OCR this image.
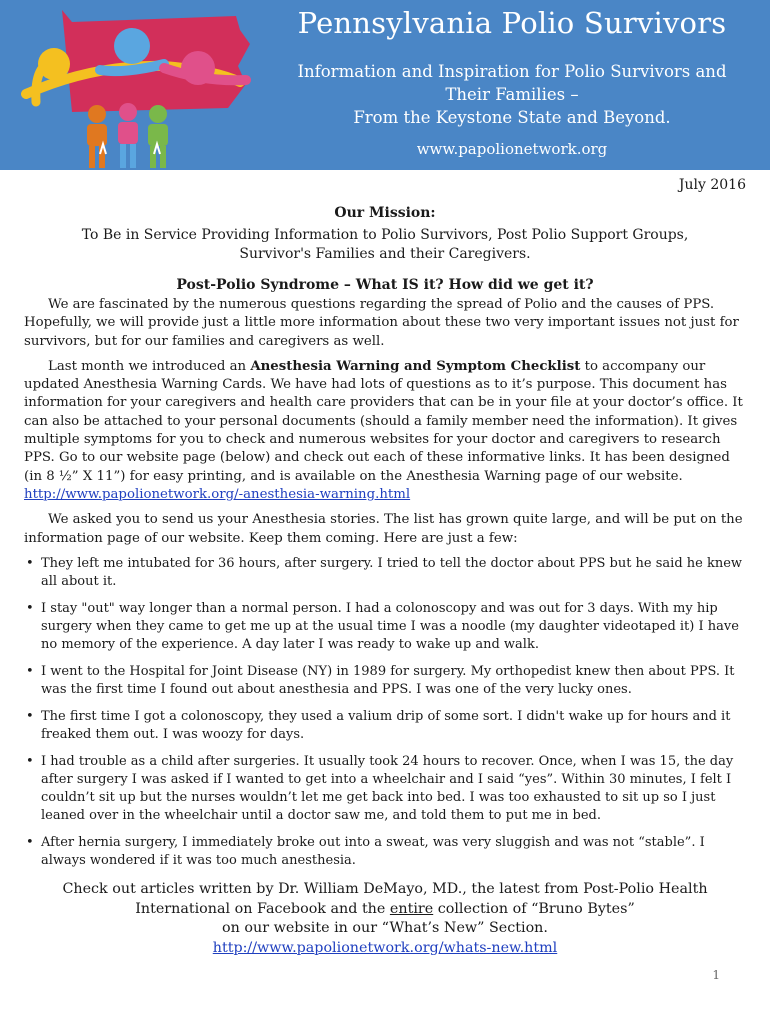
Pennsylvania Polio Survivors
Information and Inspiration for Polio Survivors and
Their Families –
From the Keystone State and Beyond.
www.papolionetwork.org
July 2016
Our Mission:
To Be in Service Providing Information to Polio Survivors, Post Polio Support Groups,
Survivor's Families and their Caregivers.
Post-Polio Syndrome – What IS it? How did we get it?

We are fascinated by the numerous questions regarding the spread of Polio and the causes of PPS. Hopefully, we will provide just a little more information about these two very important issues not just for survivors, but for our families and caregivers as well.

Last month we introduced an Anesthesia Warning and Symptom Checklist to accompany our updated Anesthesia Warning Cards. We have had lots of questions as to it’s purpose. This document has information for your caregivers and health care providers that can be in your file at your doctor’s office. It can also be attached to your personal documents (should a family member need the information). It gives multiple symptoms for you to check and numerous websites for your doctor and caregivers to research PPS. Go to our website page (below) and check out each of these informative links. It has been designed (in 8 ½” X 11”) for easy printing, and is available on the Anesthesia Warning page of our website. http://www.papolionetwork.org/-anesthesia-warning.html

We asked you to send us your Anesthesia stories. The list has grown quite large, and will be put on the information page of our website. Keep them coming. Here are just a few:

• They left me intubated for 36 hours, after surgery. I tried to tell the doctor about PPS but he said he knew all about it.
• I stay "out" way longer than a normal person. I had a colonoscopy and was out for 3 days. With my hip surgery when they came to get me up at the usual time I was a noodle (my daughter videotaped it) I have no memory of the experience. A day later I was ready to wake up and walk.
• I went to the Hospital for Joint Disease (NY) in 1989 for surgery. My orthopedist knew then about PPS. It was the first time I found out about anesthesia and PPS. I was one of the very lucky ones.
• The first time I got a colonoscopy, they used a valium drip of some sort. I didn't wake up for hours and it freaked them out. I was woozy for days.
• I had trouble as a child after surgeries. It usually took 24 hours to recover. Once, when I was 15, the day after surgery I was asked if I wanted to get into a wheelchair and I said “yes”. Within 30 minutes, I felt I couldn’t sit up but the nurses wouldn’t let me get back into bed. I was too exhausted to sit up so I just leaned over in the wheelchair until a doctor saw me, and told them to put me in bed.
• After hernia surgery, I immediately broke out into a sweat, was very sluggish and was not “stable”. I always wondered if it was too much anesthesia.
Check out articles written by Dr. William DeMayo, MD., the latest from Post-Polio Health
International on Facebook and the entire collection of “Bruno Bytes”
on our website in our “What’s New” Section.
http://www.papolionetwork.org/whats-new.html
1
